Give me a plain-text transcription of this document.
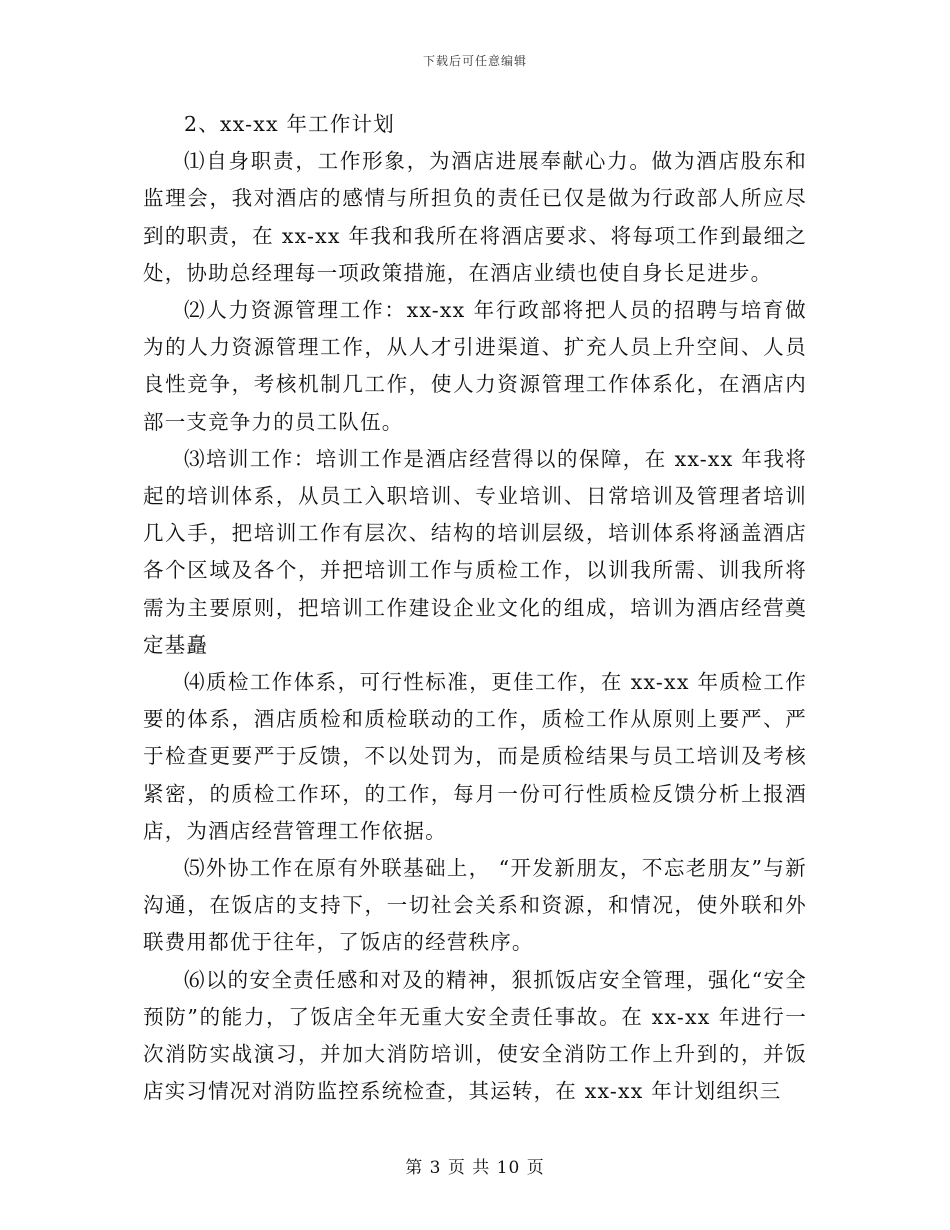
下载后可任意编辑

2、xx-xx 年工作计划

⑴自身职责，工作形象，为酒店进展奉献心力。做为酒店股东和监理会，我对酒店的感情与所担负的责任已仅是做为行政部人所应尽到的职责，在 xx-xx 年我和我所在将酒店要求、将每项工作到最细之处，协助总经理每一项政策措施，在酒店业绩也使自身长足进步。

⑵人力资源管理工作：xx-xx 年行政部将把人员的招聘与培育做为的人力资源管理工作，从人才引进渠道、扩充人员上升空间、人员良性竞争，考核机制几工作，使人力资源管理工作体系化，在酒店内部一支竞争力的员工队伍。

⑶培训工作：培训工作是酒店经营得以的保障，在 xx-xx 年我将起的培训体系，从员工入职培训、专业培训、日常培训及管理者培训几入手，把培训工作有层次、结构的培训层级，培训体系将涵盖酒店各个区域及各个，并把培训工作与质检工作，以训我所需、训我所将需为主要原则，把培训工作建设企业文化的组成，培训为酒店经营奠定基矗

⑷质检工作体系，可行性标准，更佳工作，在 xx-xx 年质检工作要的体系，酒店质检和质检联动的工作，质检工作从原则上要严、严于检查更要严于反馈，不以处罚为，而是质检结果与员工培训及考核紧密，的质检工作环，的工作，每月一份可行性质检反馈分析上报酒店，为酒店经营管理工作依据。

⑸外协工作在原有外联基础上， “开发新朋友，不忘老朋友”与新沟通，在饭店的支持下，一切社会关系和资源，和情况，使外联和外联费用都优于往年，了饭店的经营秩序。

⑹以的安全责任感和对及的精神，狠抓饭店安全管理，强化“安全预防”的能力，了饭店全年无重大安全责任事故。在 xx-xx 年进行一次消防实战演习，并加大消防培训，使安全消防工作上升到的，并饭店实习情况对消防监控系统检查，其运转，在 xx-xx 年计划组织三

第 3 页 共 10 页
